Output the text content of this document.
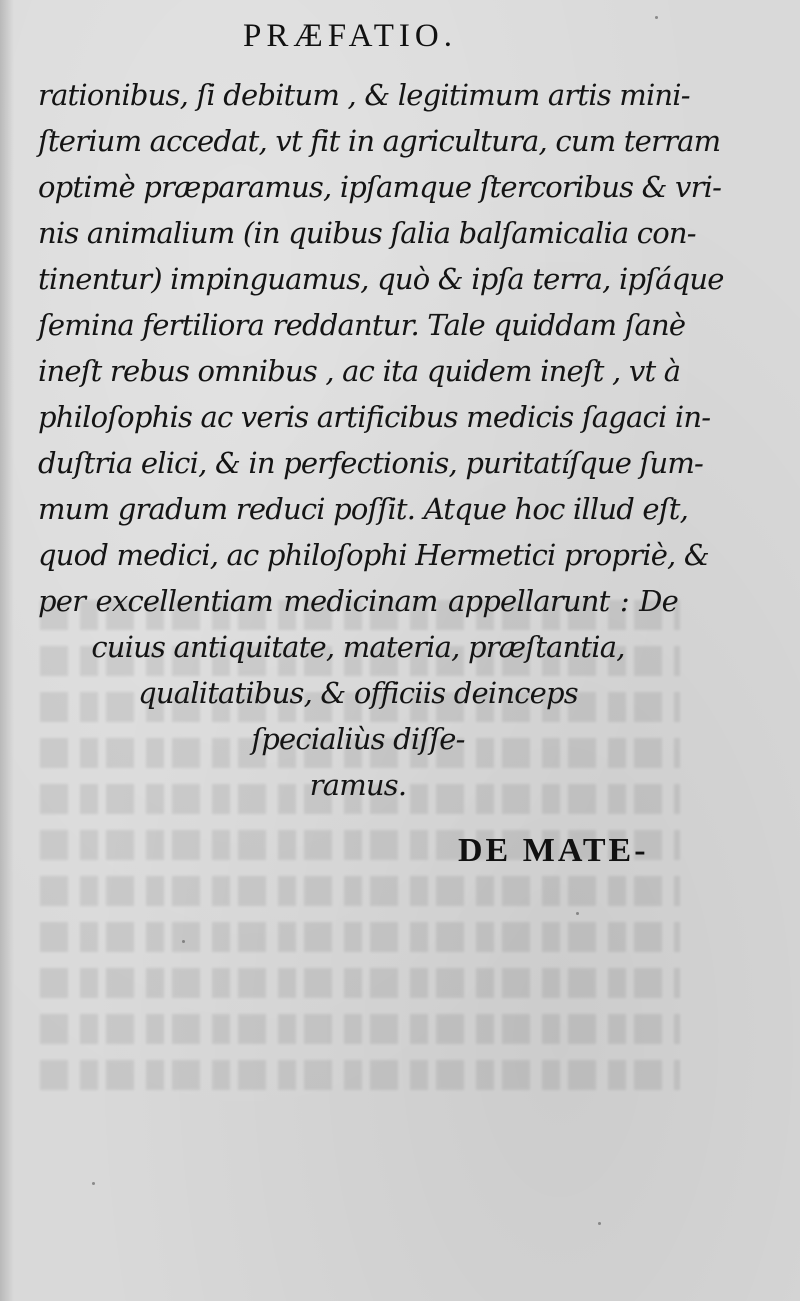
PRÆFATIO.
rationibus, ſi debitum , & legitimum artis mini-
ſterium accedat, vt fit in agricultura, cum terram
optimè præparamus, ipſamque ſtercoribus & vri-
nis animalium (in quibus ſalia balſamicalia con-
tinentur) impinguamus, quò & ipſa terra, ipſáque
ſemina fertiliora reddantur. Tale quiddam ſanè
ineſt rebus omnibus , ac ita quidem ineſt , vt à
philoſophis ac veris artificibus medicis ſagaci in-
duſtria elici, & in perfectionis, puritatíſque ſum-
mum gradum reduci poſſit. Atque hoc illud eſt,
quod medici, ac philoſophi Hermetici propriè, &
per excellentiam medicinam appellarunt : De
cuius antiquitate, materia, præſtantia,
qualitatibus, & officiis deinceps
ſpecialiùs diſſe-
ramus.
DE MATE-
